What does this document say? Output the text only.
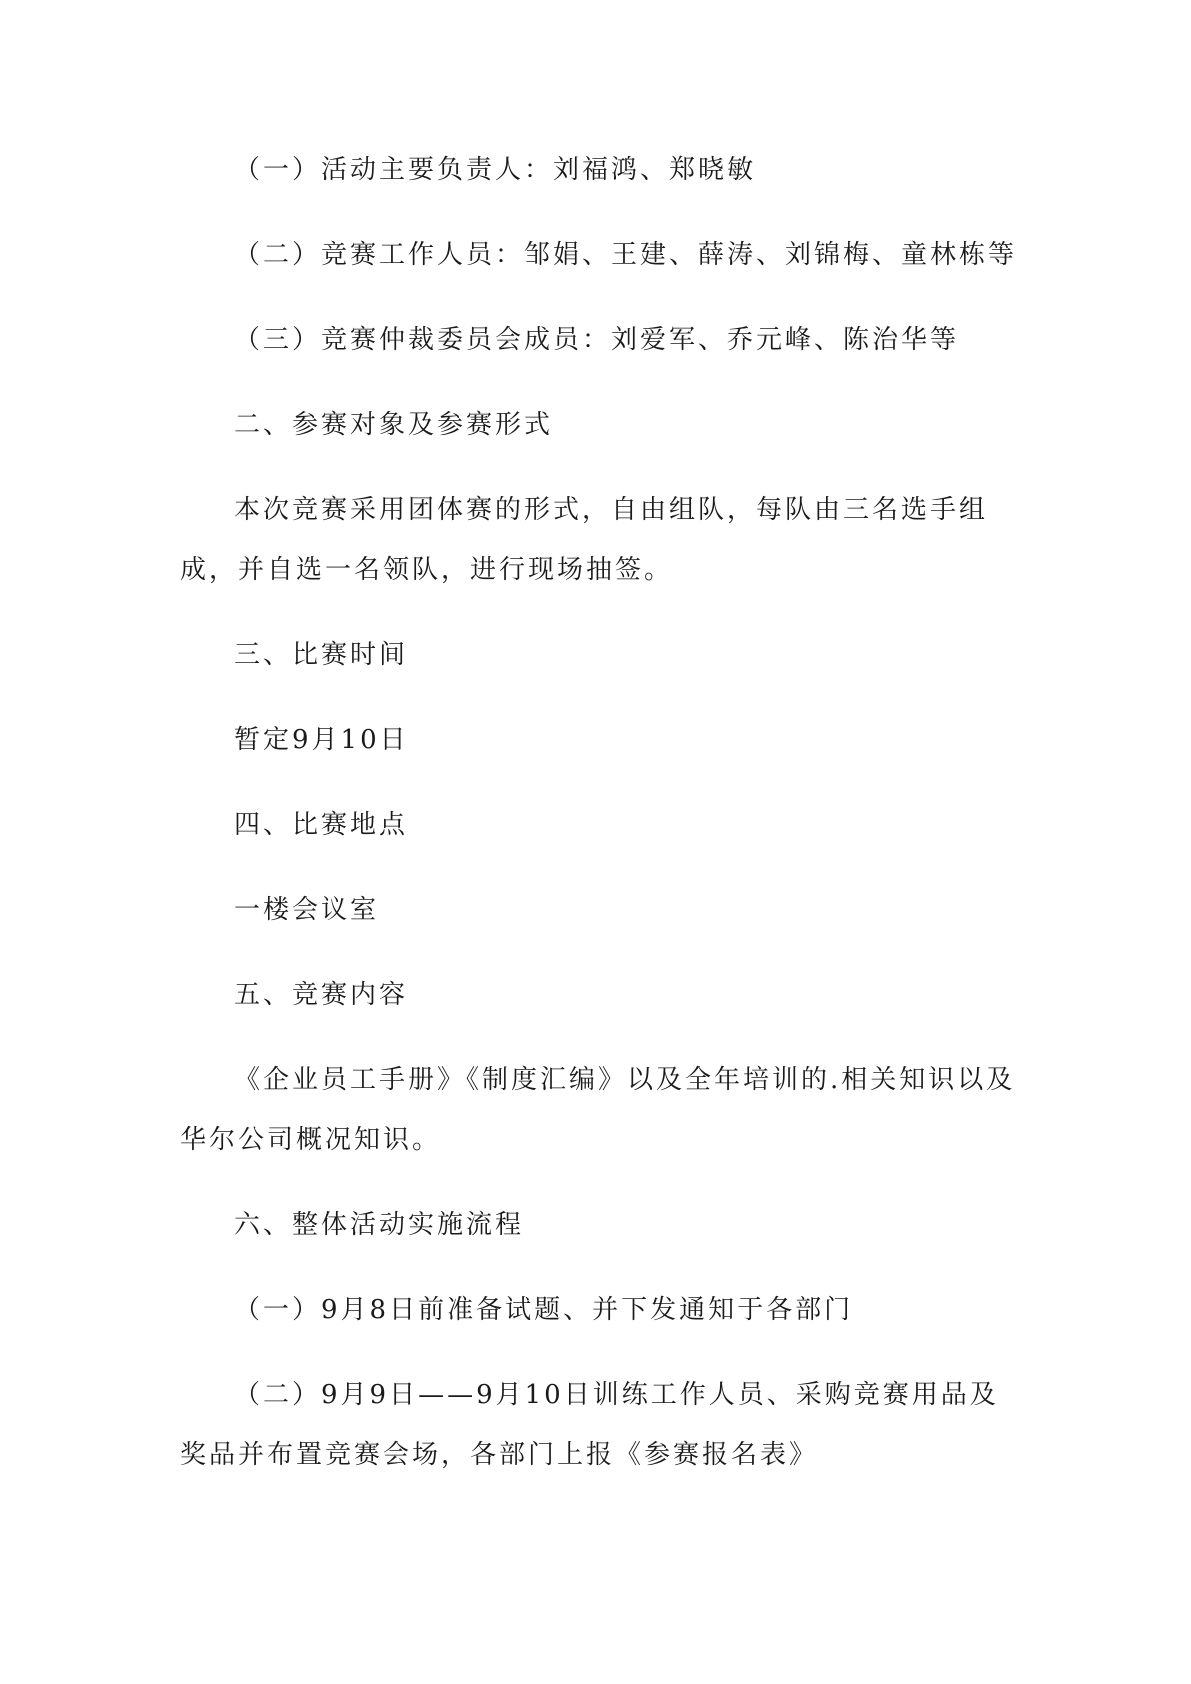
（一）活动主要负责人：刘福鸿、郑晓敏

（二）竞赛工作人员：邹娟、王建、薛涛、刘锦梅、童林栋等

（三）竞赛仲裁委员会成员：刘爱军、乔元峰、陈治华等

二、参赛对象及参赛形式

本次竞赛采用团体赛的形式，自由组队，每队由三名选手组成，并自选一名领队，进行现场抽签。

三、比赛时间

暂定9月10日

四、比赛地点

一楼会议室

五、竞赛内容

《企业员工手册》《制度汇编》以及全年培训的.相关知识以及华尔公司概况知识。

六、整体活动实施流程

（一）9月8日前准备试题、并下发通知于各部门

（二）9月9日——9月10日训练工作人员、采购竞赛用品及奖品并布置竞赛会场，各部门上报《参赛报名表》
